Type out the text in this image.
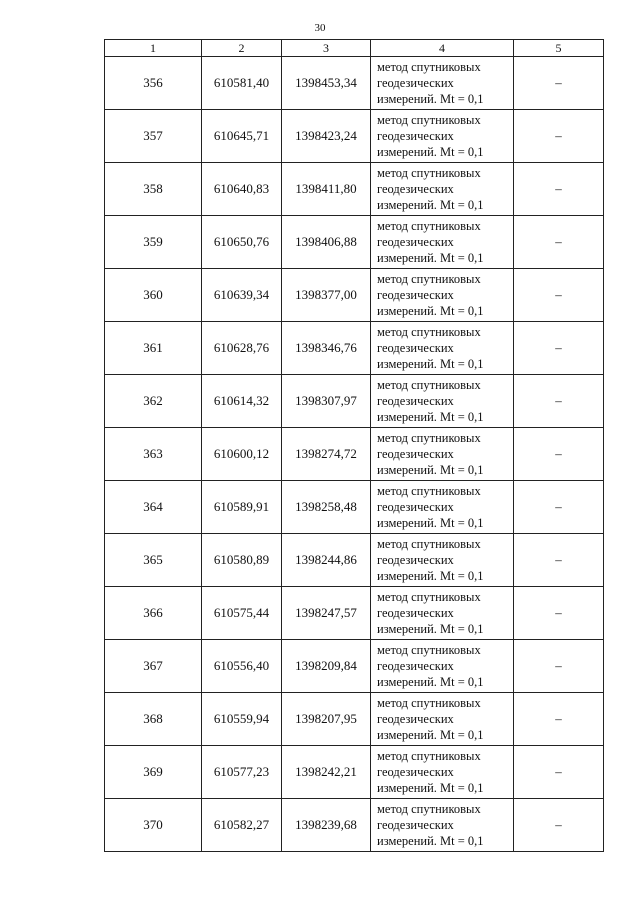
30
1	2	3	4	5
356	610581,40	1398453,34	метод спутниковых
геодезических
измерений. Mt = 0,1	–
357	610645,71	1398423,24	метод спутниковых
геодезических
измерений. Mt = 0,1	–
358	610640,83	1398411,80	метод спутниковых
геодезических
измерений. Mt = 0,1	–
359	610650,76	1398406,88	метод спутниковых
геодезических
измерений. Mt = 0,1	–
360	610639,34	1398377,00	метод спутниковых
геодезических
измерений. Mt = 0,1	–
361	610628,76	1398346,76	метод спутниковых
геодезических
измерений. Mt = 0,1	–
362	610614,32	1398307,97	метод спутниковых
геодезических
измерений. Mt = 0,1	–
363	610600,12	1398274,72	метод спутниковых
геодезических
измерений. Mt = 0,1	–
364	610589,91	1398258,48	метод спутниковых
геодезических
измерений. Mt = 0,1	–
365	610580,89	1398244,86	метод спутниковых
геодезических
измерений. Mt = 0,1	–
366	610575,44	1398247,57	метод спутниковых
геодезических
измерений. Mt = 0,1	–
367	610556,40	1398209,84	метод спутниковых
геодезических
измерений. Mt = 0,1	–
368	610559,94	1398207,95	метод спутниковых
геодезических
измерений. Mt = 0,1	–
369	610577,23	1398242,21	метод спутниковых
геодезических
измерений. Mt = 0,1	–
370	610582,27	1398239,68	метод спутниковых
геодезических
измерений. Mt = 0,1	–
